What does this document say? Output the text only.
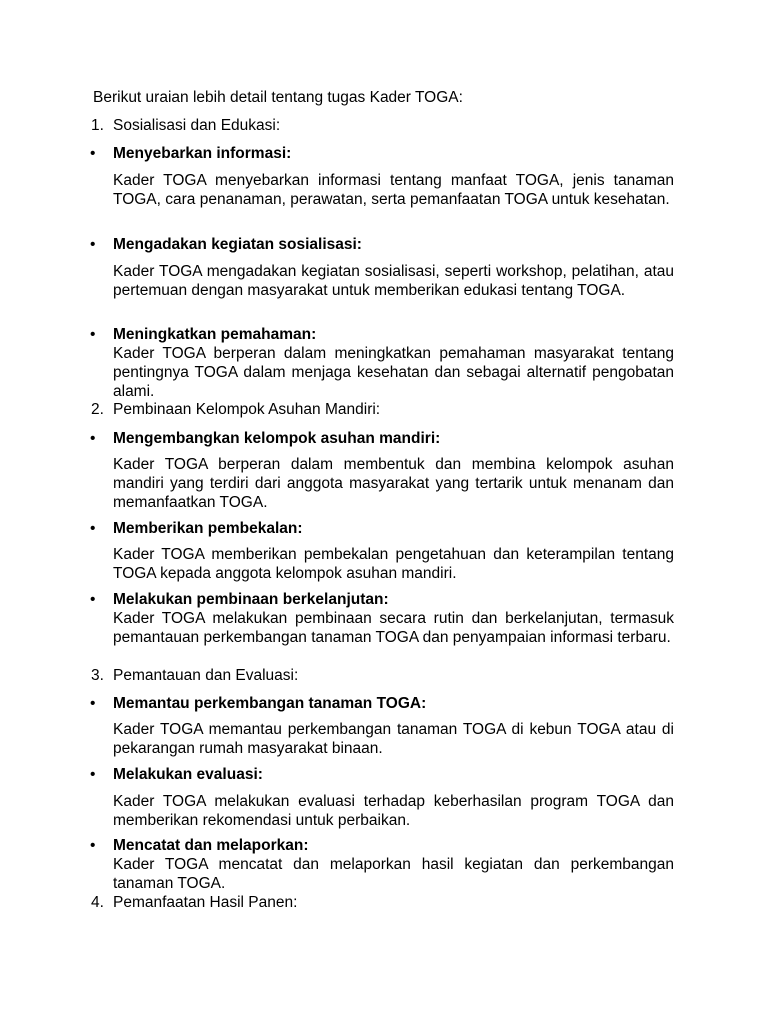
Berikut uraian lebih detail tentang tugas Kader TOGA:
1. Sosialisasi dan Edukasi:
• Menyebarkan informasi:
Kader TOGA menyebarkan informasi tentang manfaat TOGA, jenis tanaman TOGA, cara penanaman, perawatan, serta pemanfaatan TOGA untuk kesehatan.
• Mengadakan kegiatan sosialisasi:
Kader TOGA mengadakan kegiatan sosialisasi, seperti workshop, pelatihan, atau pertemuan dengan masyarakat untuk memberikan edukasi tentang TOGA.
• Meningkatkan pemahaman:
Kader TOGA berperan dalam meningkatkan pemahaman masyarakat tentang pentingnya TOGA dalam menjaga kesehatan dan sebagai alternatif pengobatan alami.
2. Pembinaan Kelompok Asuhan Mandiri:
• Mengembangkan kelompok asuhan mandiri:
Kader TOGA berperan dalam membentuk dan membina kelompok asuhan mandiri yang terdiri dari anggota masyarakat yang tertarik untuk menanam dan memanfaatkan TOGA.
• Memberikan pembekalan:
Kader TOGA memberikan pembekalan pengetahuan dan keterampilan tentang TOGA kepada anggota kelompok asuhan mandiri.
• Melakukan pembinaan berkelanjutan:
Kader TOGA melakukan pembinaan secara rutin dan berkelanjutan, termasuk pemantauan perkembangan tanaman TOGA dan penyampaian informasi terbaru.
3. Pemantauan dan Evaluasi:
• Memantau perkembangan tanaman TOGA:
Kader TOGA memantau perkembangan tanaman TOGA di kebun TOGA atau di pekarangan rumah masyarakat binaan.
• Melakukan evaluasi:
Kader TOGA melakukan evaluasi terhadap keberhasilan program TOGA dan memberikan rekomendasi untuk perbaikan.
• Mencatat dan melaporkan:
Kader TOGA mencatat dan melaporkan hasil kegiatan dan perkembangan tanaman TOGA.
4. Pemanfaatan Hasil Panen:
